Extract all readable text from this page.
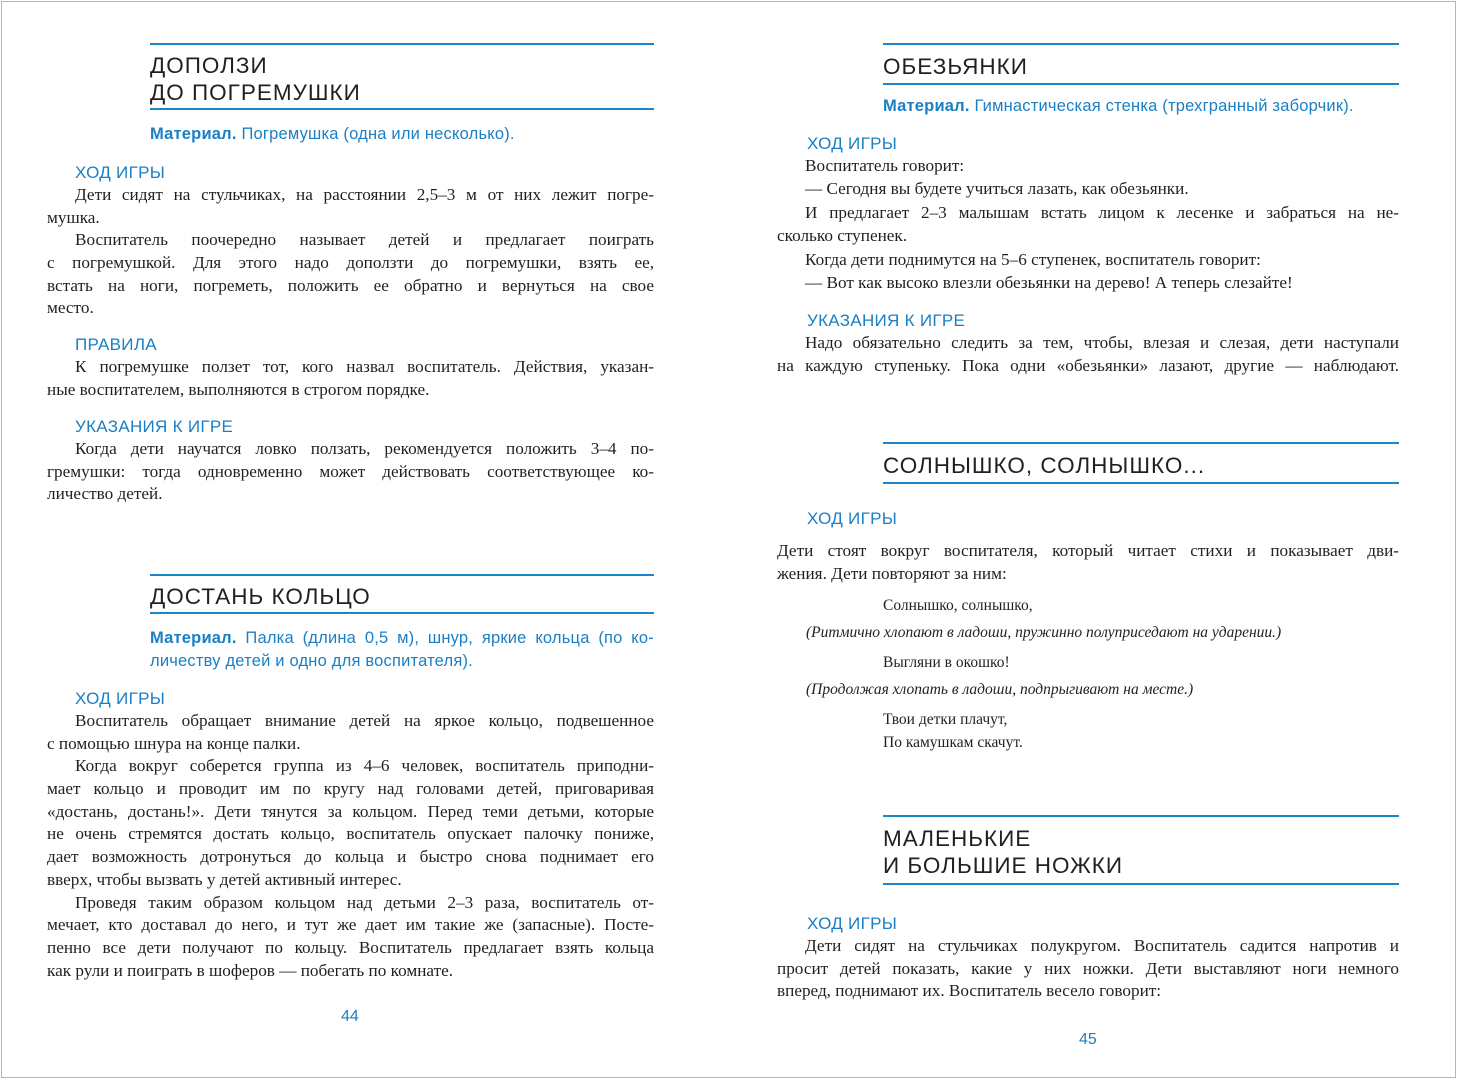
ДОПОЛЗИ
ДО ПОГРЕМУШКИ
Материал. Погремушка (одна или несколько).
ХОД ИГРЫ
Дети сидят на стульчиках, на расстоянии 2,5–3 м от них лежит погре-
мушка.
Воспитатель поочередно называет детей и предлагает поиграть
с погремушкой. Для этого надо доползти до погремушки, взять ее,
встать на ноги, погреметь, положить ее обратно и вернуться на свое
место.
ПРАВИЛА
К погремушке ползет тот, кого назвал воспитатель. Действия, указан-
ные воспитателем, выполняются в строгом порядке.
УКАЗАНИЯ К ИГРЕ
Когда дети научатся ловко ползать, рекомендуется положить 3–4 по-
гремушки: тогда одновременно может действовать соответствующее ко-
личество детей.
ДОСТАНЬ КОЛЬЦО
Материал. Палка (длина 0,5 м), шнур, яркие кольца (по ко-
личеству детей и одно для воспитателя).
ХОД ИГРЫ
Воспитатель обращает внимание детей на яркое кольцо, подвешенное
с помощью шнура на конце палки.
Когда вокруг соберется группа из 4–6 человек, воспитатель приподни-
мает кольцо и проводит им по кругу над головами детей, приговаривая
«достань, достань!». Дети тянутся за кольцом. Перед теми детьми, которые
не очень стремятся достать кольцо, воспитатель опускает палочку пониже,
дает возможность дотронуться до кольца и быстро снова поднимает его
вверх, чтобы вызвать у детей активный интерес.
Проведя таким образом кольцом над детьми 2–3 раза, воспитатель от-
мечает, кто доставал до него, и тут же дает им такие же (запасные). Посте-
пенно все дети получают по кольцу. Воспитатель предлагает взять кольца
как рули и поиграть в шоферов — побегать по комнате.
44
ОБЕЗЬЯНКИ
Материал. Гимнастическая стенка (трехгранный заборчик).
ХОД ИГРЫ
Воспитатель говорит:
— Сегодня вы будете учиться лазать, как обезьянки.
И предлагает 2–3 малышам встать лицом к лесенке и забраться на не-
сколько ступенек.
Когда дети поднимутся на 5–6 ступенек, воспитатель говорит:
— Вот как высоко влезли обезьянки на дерево! А теперь слезайте!
УКАЗАНИЯ К ИГРЕ
Надо обязательно следить за тем, чтобы, влезая и слезая, дети наступали
на каждую ступеньку. Пока одни «обезьянки» лазают, другие — наблюдают.
СОЛНЫШКО, СОЛНЫШКО...
ХОД ИГРЫ
Дети стоят вокруг воспитателя, который читает стихи и показывает дви-
жения. Дети повторяют за ним:
Солнышко, солнышко,
(Ритмично хлопают в ладоши, пружинно полуприседают на ударении.)
Выгляни в окошко!
(Продолжая хлопать в ладоши, подпрыгивают на месте.)
Твои детки плачут,
По камушкам скачут.
МАЛЕНЬКИЕ
И БОЛЬШИЕ НОЖКИ
ХОД ИГРЫ
Дети сидят на стульчиках полукругом. Воспитатель садится напротив и
просит детей показать, какие у них ножки. Дети выставляют ноги немного
вперед, поднимают их. Воспитатель весело говорит:
45
